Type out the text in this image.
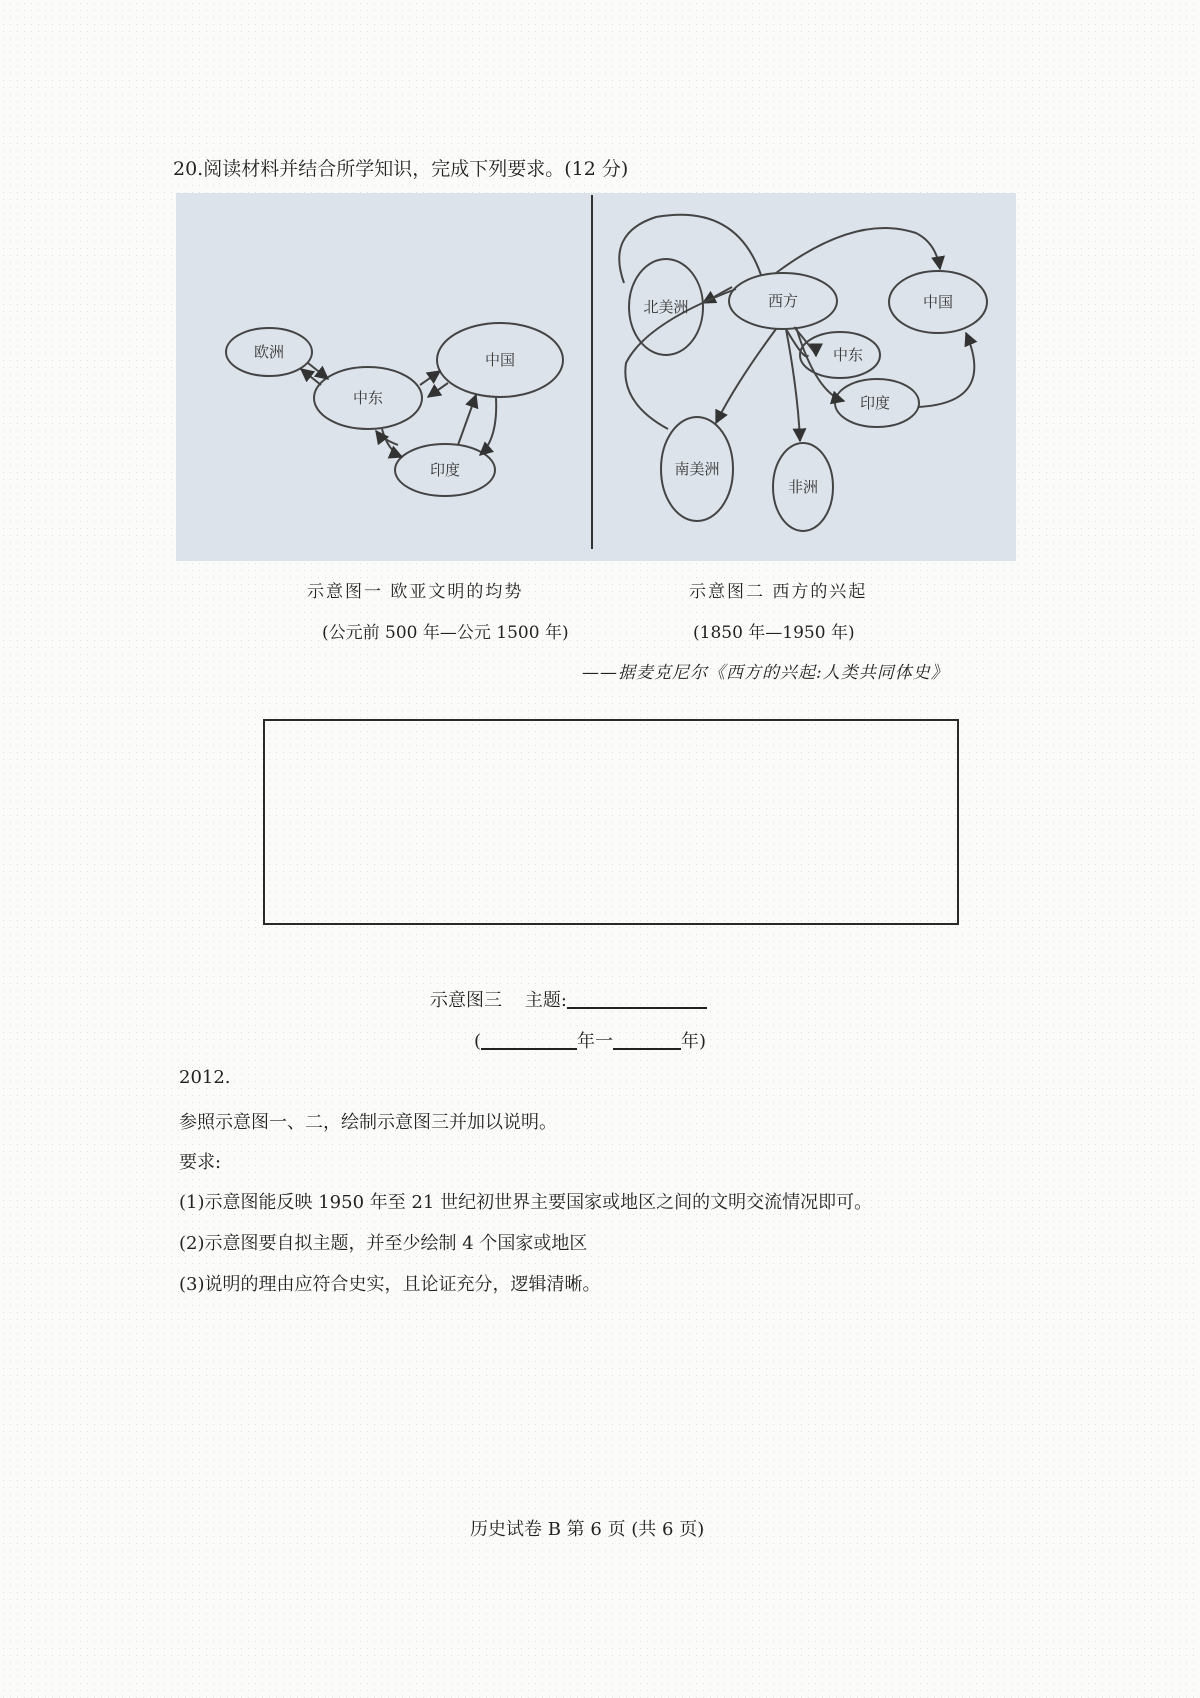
20.阅读材料并结合所学知识，完成下列要求。(12 分)
欧洲
中东
中国
印度
西方
北美洲	中国
中东
印度
南美洲
非洲
示意图一 欧亚文明的均势	示意图二 西方的兴起
(公元前 500 年—公元 1500 年)	(1850 年—1950 年)
——据麦克尼尔《西方的兴起:人类共同体史》
示意图三 主题:
(	年一	年)
2012.
参照示意图一、二，绘制示意图三并加以说明。
要求:
(1)示意图能反映 1950 年至 21 世纪初世界主要国家或地区之间的文明交流情况即可。
(2)示意图要自拟主题，并至少绘制 4 个国家或地区
(3)说明的理由应符合史实，且论证充分，逻辑清晰。
历史试卷 B 第 6 页 (共 6 页)
